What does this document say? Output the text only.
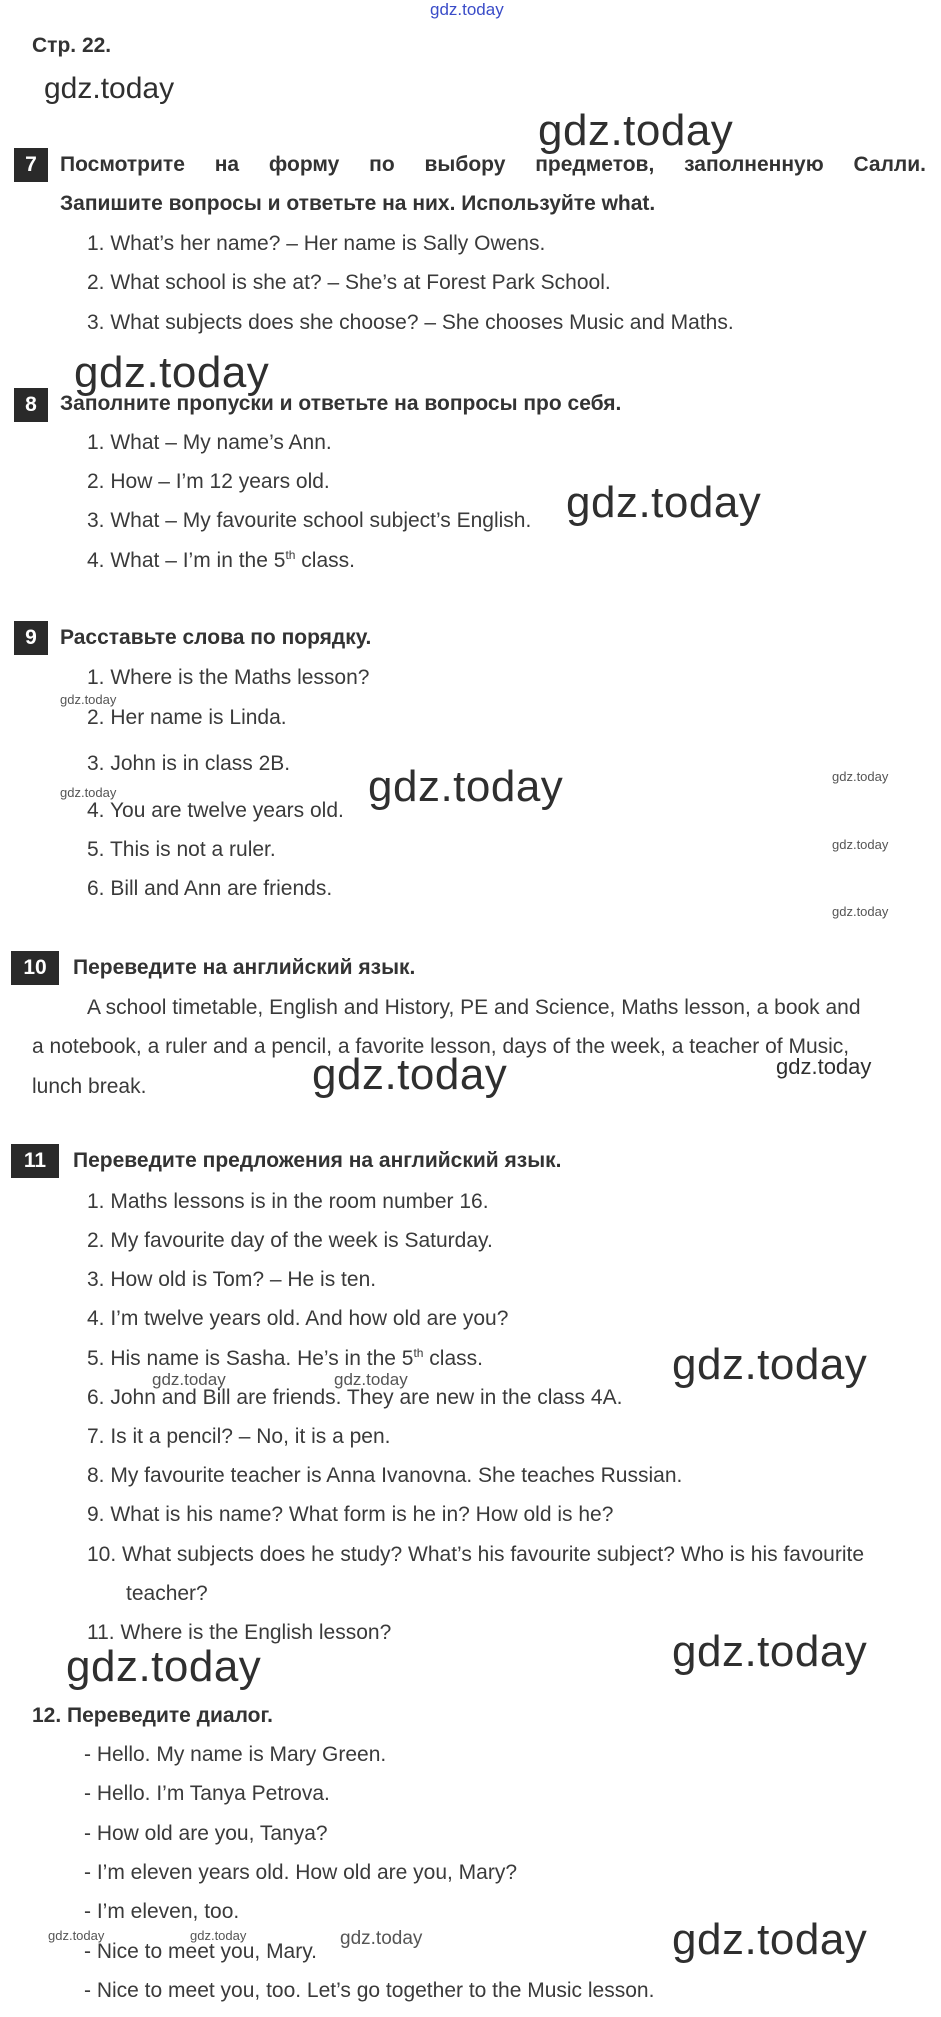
gdz.today
Стр. 22.
gdz.today
gdz.today
7	Посмотрите на форму по выбору предметов, заполненную Салли.
Запишите вопросы и ответьте на них. Используйте what.
1. What’s her name? – Her name is Sally Owens.
2. What school is she at? – She’s at Forest Park School.
3. What subjects does she choose? – She chooses Music and Maths.
gdz.today
8	Заполните пропуски и ответьте на вопросы про себя.
1. What – My name’s Ann.
2. How – I’m 12 years old.
3. What – My favourite school subject’s English. gdz.today
4. What – I’m in the 5th class.
9	Расставьте слова по порядку.
1. Where is the Maths lesson?
gdz.today
2. Her name is Linda.
3. John is in class 2B.
gdz.today
gdz.today	gdz.today
4. You are twelve years old.
gdz.today
5. This is not a ruler.
6. Bill and Ann are friends.
gdz.today
10	Переведите на английский язык.
A school timetable, English and History, PE and Science, Maths lesson, a book and
a notebook, a ruler and a pencil, a favorite lesson, days of the week, a teacher of Music,
gdz.today
lunch break.	gdz.today
11	Переведите предложения на английский язык.
1. Maths lessons is in the room number 16.
2. My favourite day of the week is Saturday.
3. How old is Tom? – He is ten.
4. I’m twelve years old. And how old are you?
5. His name is Sasha. He’s in the 5th class.	gdz.today
gdz.today	gdz.today
6. John and Bill are friends. They are new in the class 4A.
7. Is it a pencil? – No, it is a pen.
8. My favourite teacher is Anna Ivanovna. She teaches Russian.
9. What is his name? What form is he in? How old is he?
10. What subjects does he study? What’s his favourite subject? Who is his favourite
teacher?
11. Where is the English lesson?	gdz.today
gdz.today
12. Переведите диалог.
- Hello. My name is Mary Green.
- Hello. I’m Tanya Petrova.
- How old are you, Tanya?
- I’m eleven years old. How old are you, Mary?
- I’m eleven, too.
gdz.today	gdz.today	gdz.today	gdz.today
- Nice to meet you, Mary.
- Nice to meet you, too. Let’s go together to the Music lesson.
